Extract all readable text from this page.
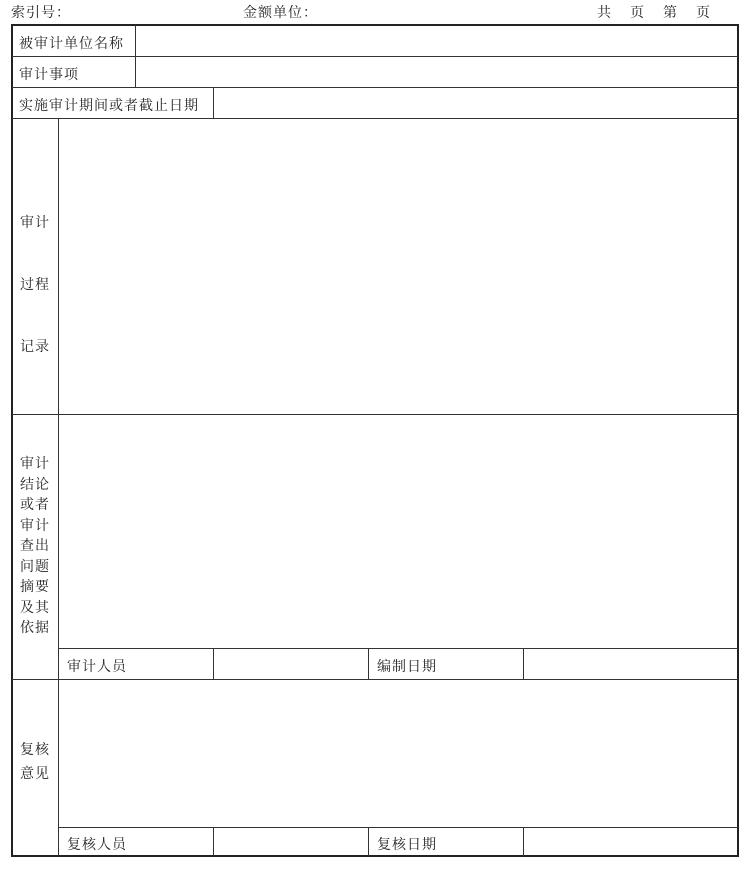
索引号：	金额单位：	共 页 第 页
被审计单位名称
审计事项
实施审计期间或者截止日期
审计
过程
记录
审计
结论
或者
审计
查出
问题
摘要
及其
依据
审计人员	编制日期
复核
意见
复核人员	复核日期
